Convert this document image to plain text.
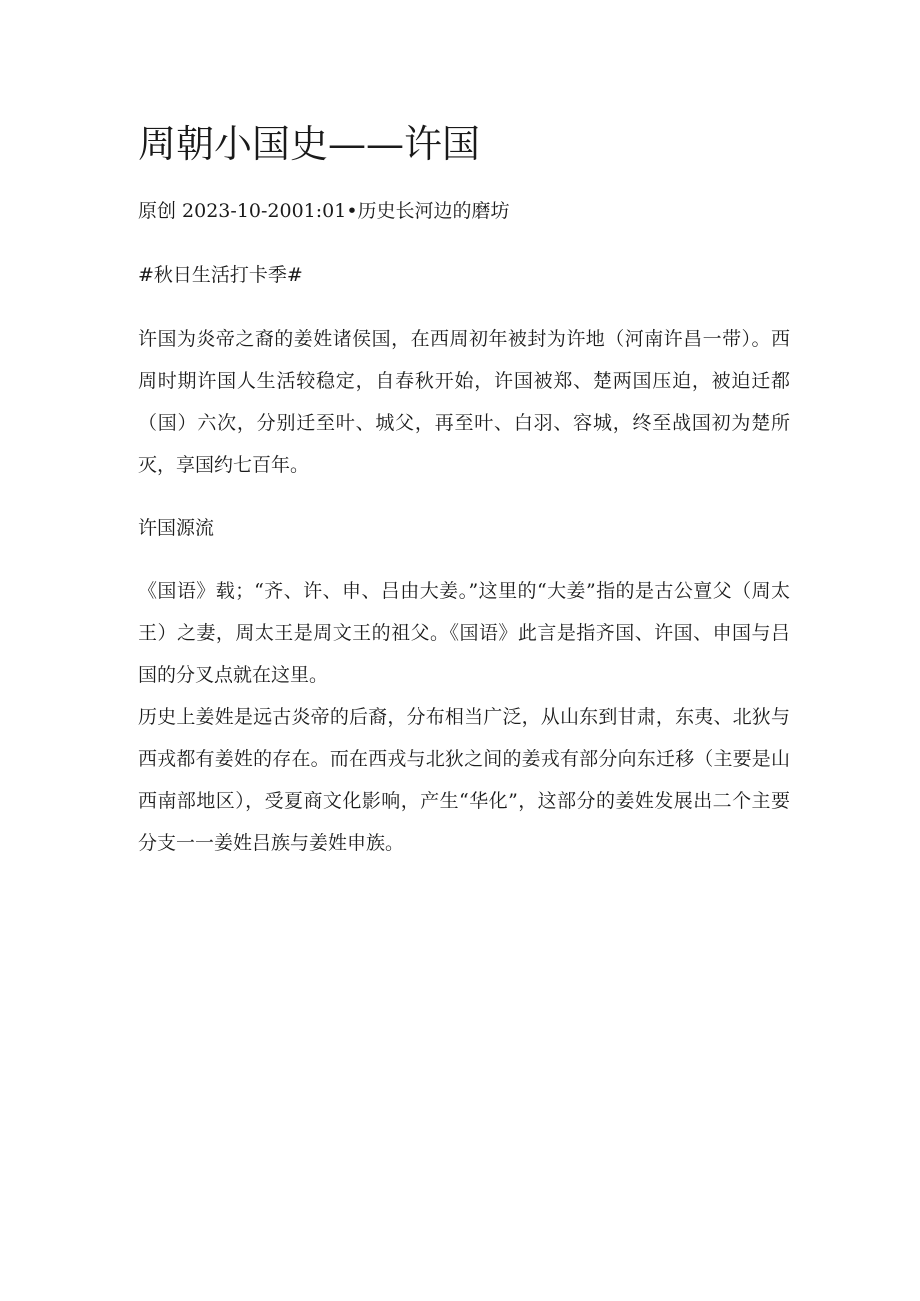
周朝小国史——许国

原创 2023-10-2001:01•历史长河边的磨坊

#秋日生活打卡季#

许国为炎帝之裔的姜姓诸侯国，在西周初年被封为许地（河南许昌一带）。西周时期许国人生活较稳定，自春秋开始，许国被郑、楚两国压迫，被迫迁都（国）六次，分别迁至叶、城父，再至叶、白羽、容城，终至战国初为楚所灭，享国约七百年。

许国源流

《国语》载；“齐、许、申、吕由大姜。”这里的“大姜”指的是古公亶父（周太王）之妻，周太王是周文王的祖父。《国语》此言是指齐国、许国、申国与吕国的分叉点就在这里。

历史上姜姓是远古炎帝的后裔，分布相当广泛，从山东到甘肃，东夷、北狄与西戎都有姜姓的存在。而在西戎与北狄之间的姜戎有部分向东迁移（主要是山西南部地区），受夏商文化影响，产生“华化”，这部分的姜姓发展出二个主要分支一一姜姓吕族与姜姓申族。
